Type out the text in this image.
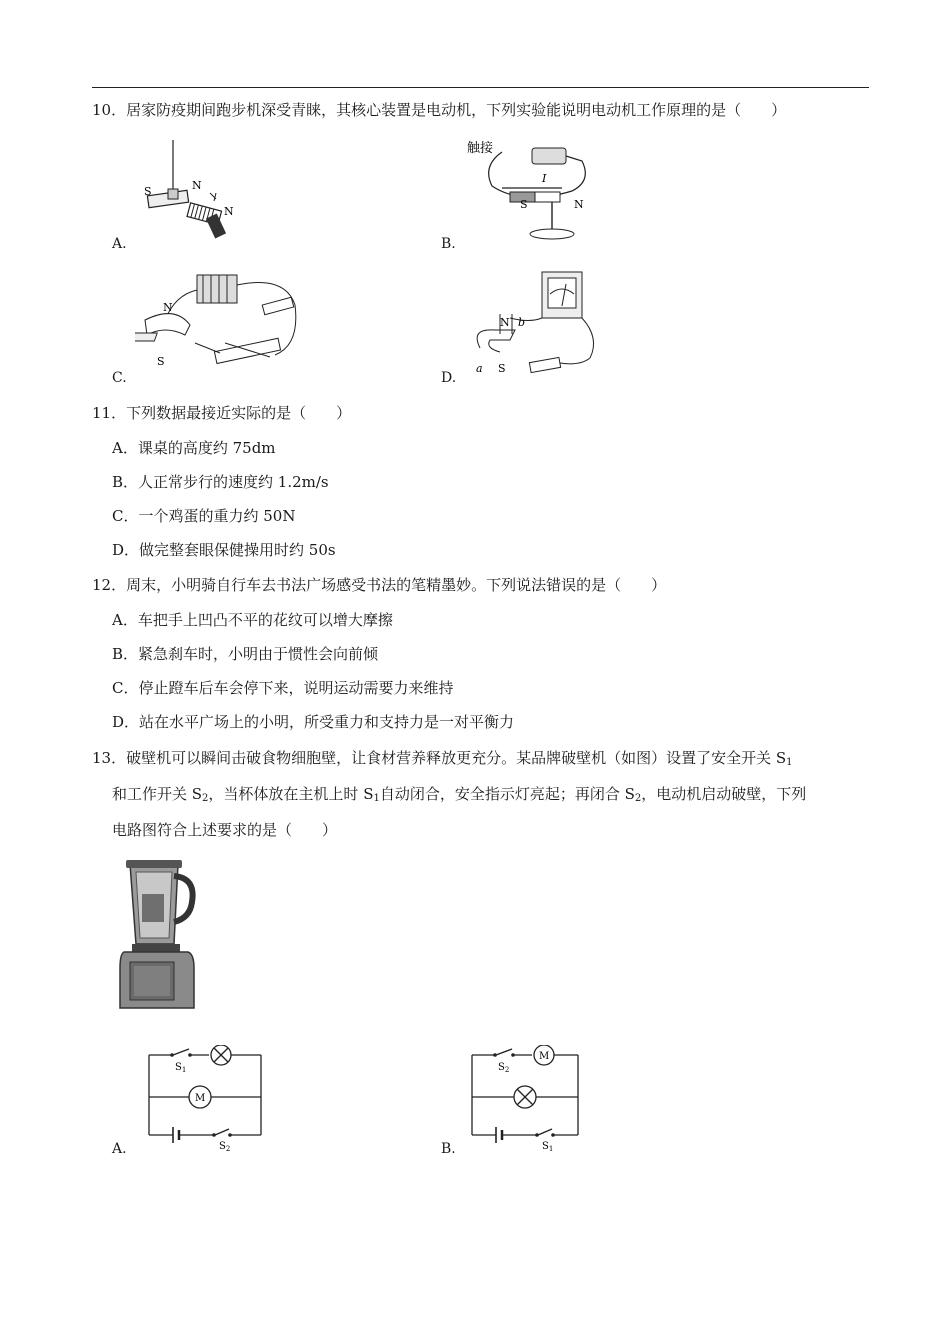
10．居家防疫期间跑步机深受青睐，其核心装置是电动机，下列实验能说明电动机工作原理的是（　　）
S	N
N
A.
触接
I
S	N
B.
N
S
C.
N b
S
a
D.
11．下列数据最接近实际的是（　　）
A．课桌的高度约 75dm
B．人正常步行的速度约 1.2m/s
C．一个鸡蛋的重力约 50N
D．做完整套眼保健操用时约 50s
12．周末，小明骑自行车去书法广场感受书法的笔精墨妙。下列说法错误的是（　　）
A．车把手上凹凸不平的花纹可以增大摩擦
B．紧急刹车时，小明由于惯性会向前倾
C．停止蹬车后车会停下来，说明运动需要力来维持
D．站在水平广场上的小明，所受重力和支持力是一对平衡力
13．破壁机可以瞬间击破食物细胞壁，让食材营养释放更充分。某品牌破壁机（如图）设置了安全开关 $S_1$
和工作开关 $S_2$，当杯体放在主机上时 $S_1$自动闭合，安全指示灯亮起；再闭合 $S_2$，电动机启动破壁，下列
电路图符合上述要求的是（　　）
M
$S_1$
$S_2$
A.
M
$S_2$
$S_1$
B.
